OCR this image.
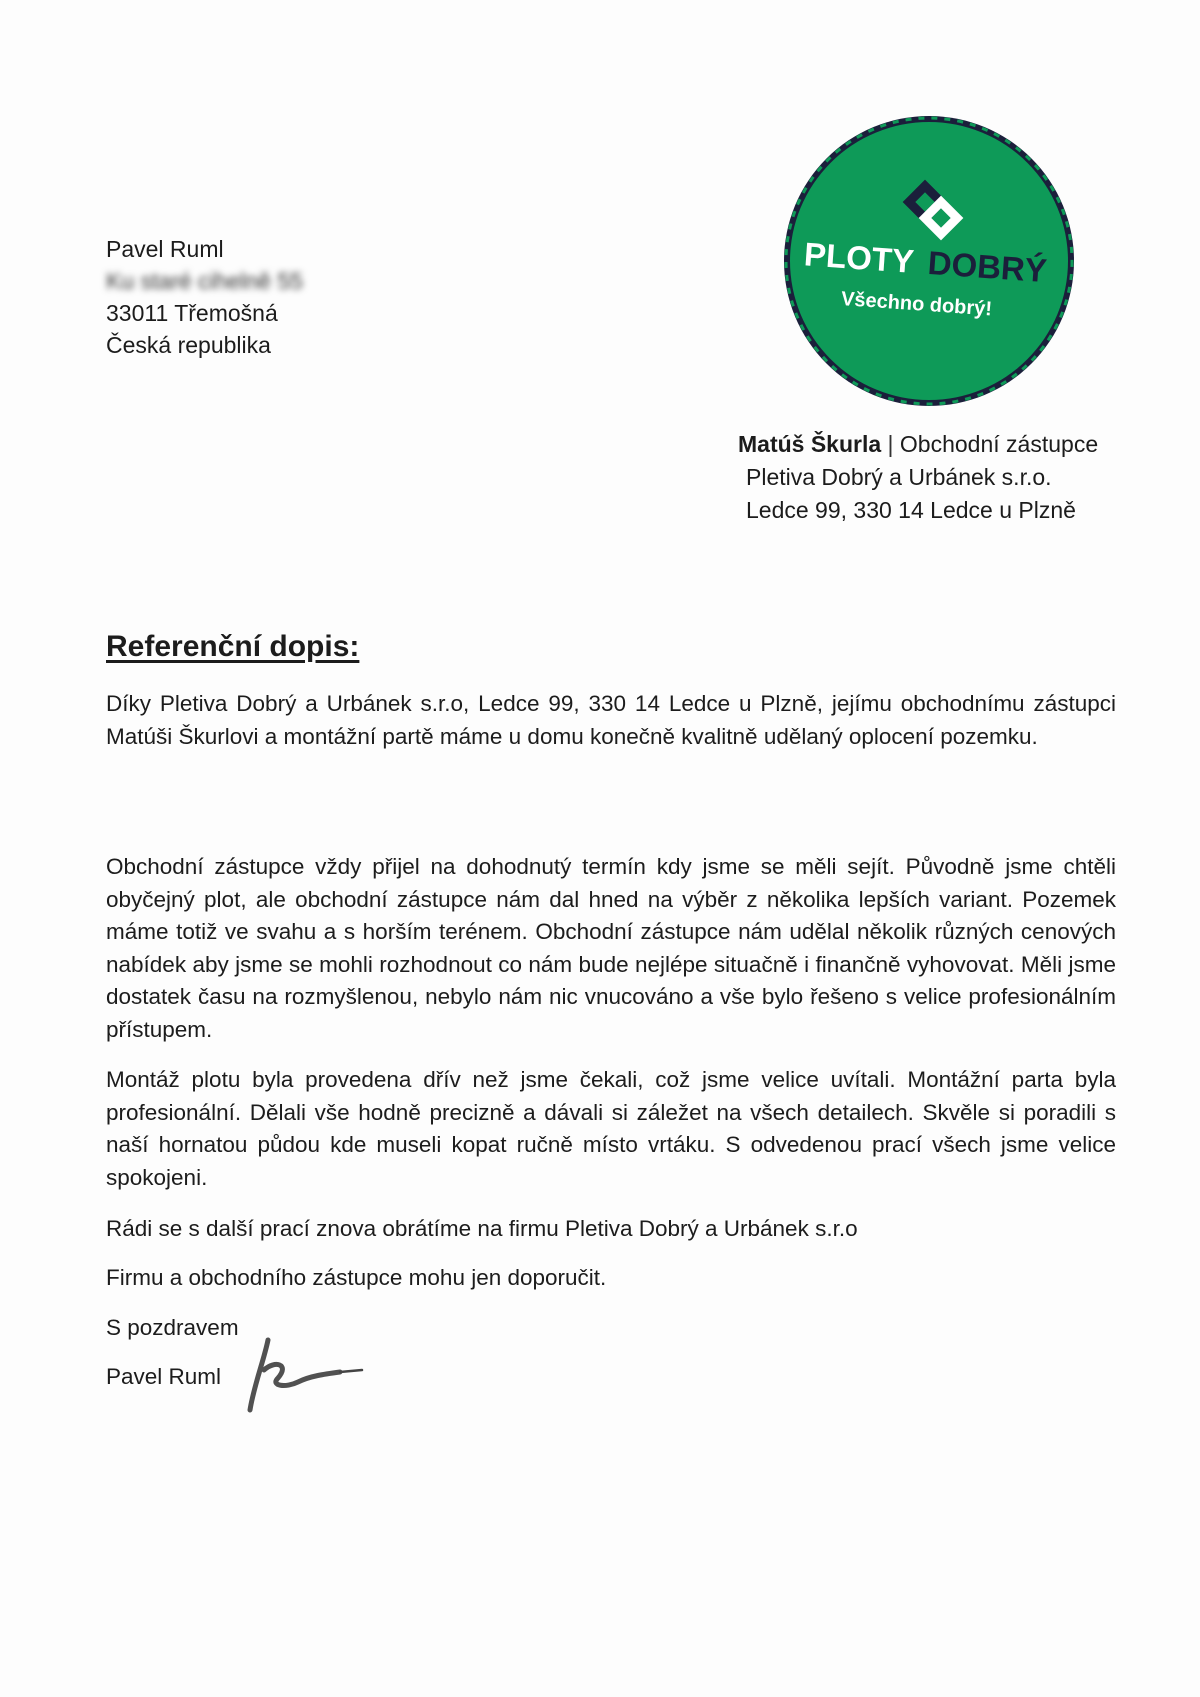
Pavel Ruml
Ku staré cihelně 55
33011 Třemošná
Česká republika
PLOTY DOBRÝ
Všechno dobrý!
Matúš Škurla | Obchodní zástupce
Pletiva Dobrý a Urbánek s.r.o.
Ledce 99, 330 14 Ledce u Plzně
Referenční dopis:
Díky Pletiva Dobrý a Urbánek s.r.o, Ledce 99, 330 14 Ledce u Plzně, jejímu obchodnímu zástupci Matúši Škurlovi a montážní partě máme u domu konečně kvalitně udělaný oplocení pozemku.
Obchodní zástupce vždy přijel na dohodnutý termín kdy jsme se měli sejít. Původně jsme chtěli obyčejný plot, ale obchodní zástupce nám dal hned na výběr z několika lepších variant. Pozemek máme totiž ve svahu a s horším terénem. Obchodní zástupce nám udělal několik různých cenových nabídek aby jsme se mohli rozhodnout co nám bude nejlépe situačně i finančně vyhovovat. Měli jsme dostatek času na rozmyšlenou, nebylo nám nic vnucováno a vše bylo řešeno s velice profesionálním přístupem.
Montáž plotu byla provedena dřív než jsme čekali, což jsme velice uvítali. Montážní parta byla profesionální. Dělali vše hodně precizně a dávali si záležet na všech detailech. Skvěle si poradili s naší hornatou půdou kde museli kopat ručně místo vrtáku. S odvedenou prací všech jsme velice spokojeni.
Rádi se s další prací znova obrátíme na firmu Pletiva Dobrý a Urbánek s.r.o
Firmu a obchodního zástupce mohu jen doporučit.
S pozdravem
Pavel Ruml
